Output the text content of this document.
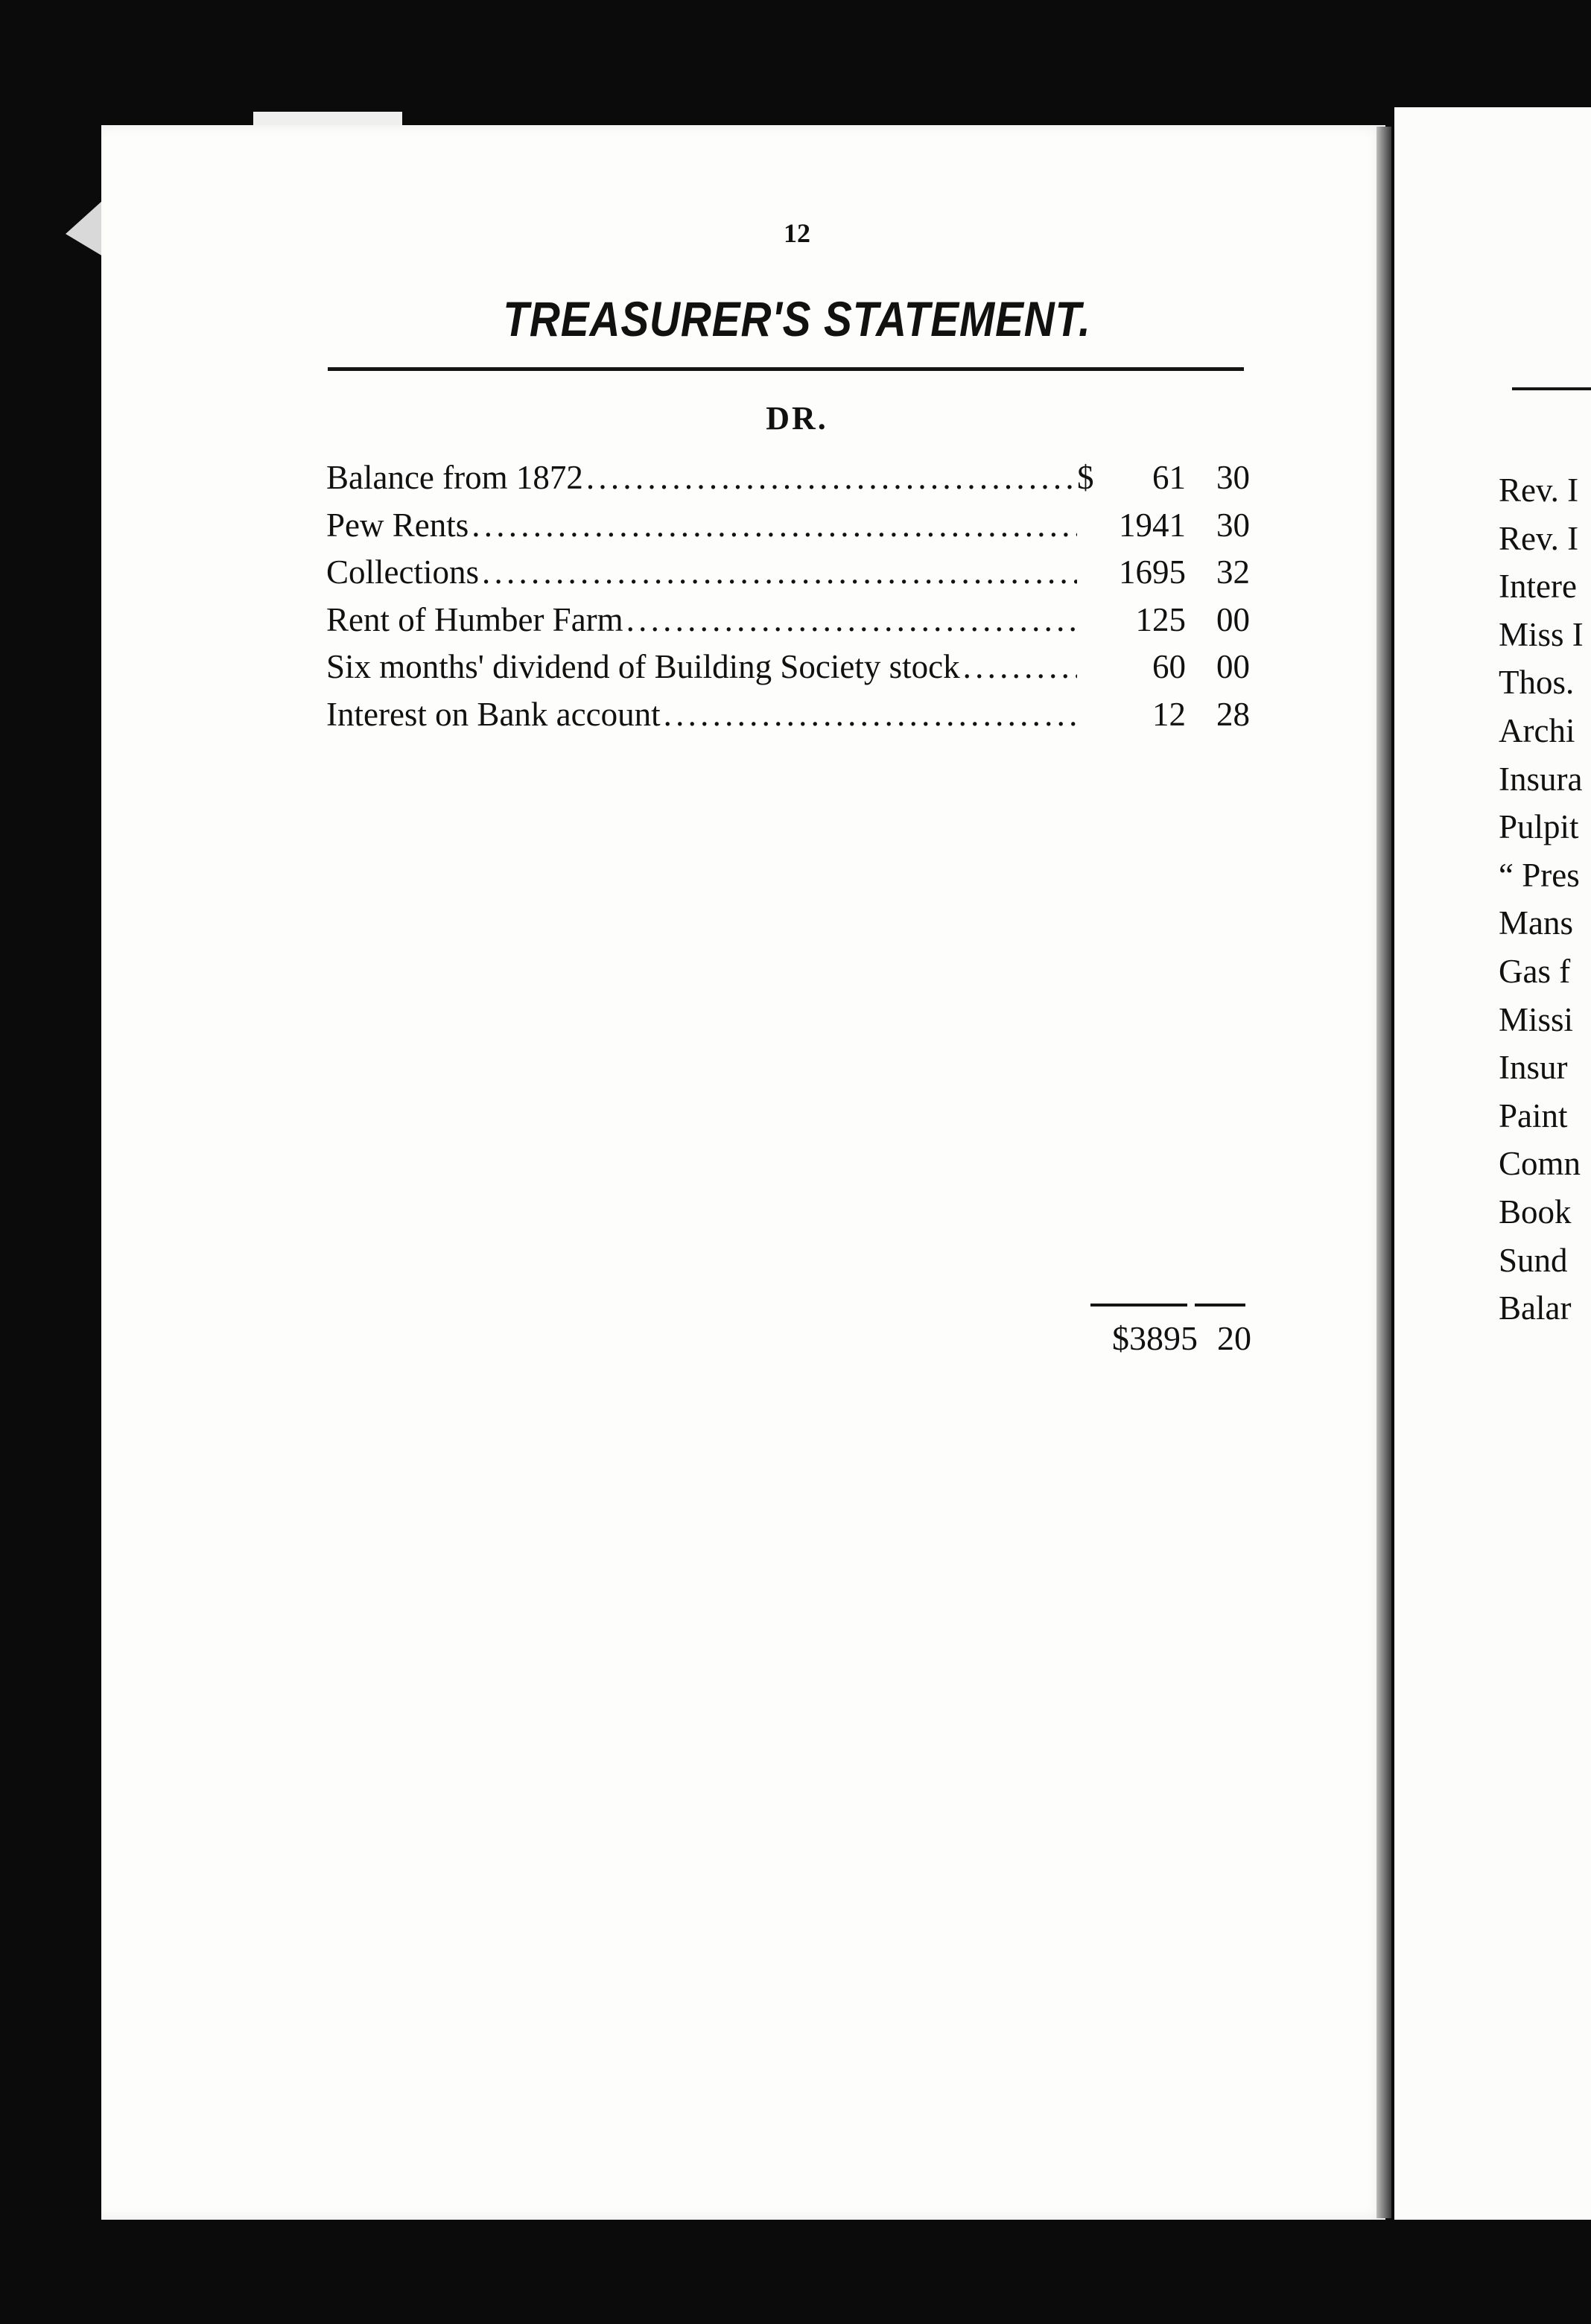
12
TREASURER'S STATEMENT.
DR.
Balance from 1872 . . .	$	61 30
Pew Rents . . .	1941 30
Collections . . .	1695 32
Rent of Humber Farm . . .	125 00
Six months' dividend of Building Society stock . . .	60 00
Interest on Bank account . . .	12 28
$3895 20
Rev. I
Rev. I
Intere
Miss I
Thos.
Archi
Insura
Pulpit
“ Pres
Mans
Gas f
Missi
Insur
Paint
Comn
Book
Sund
Balar
